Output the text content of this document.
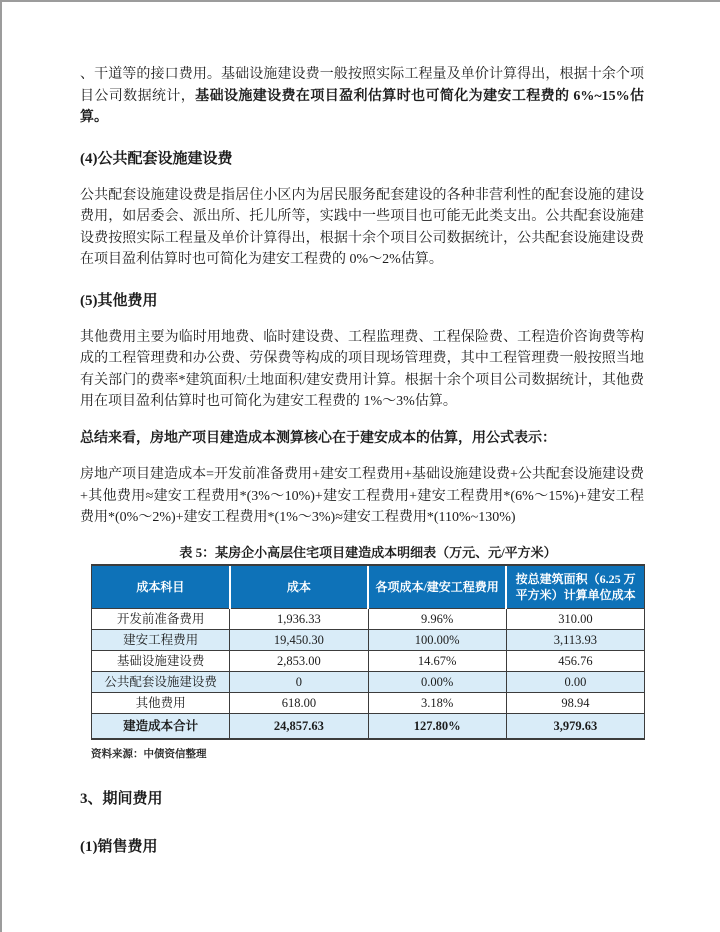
、干道等的接口费用。基础设施建设费一般按照实际工程量及单价计算得出，根据十余个项目公司数据统计，基础设施建设费在项目盈利估算时也可简化为建安工程费的 6%~15%估算。

(4)公共配套设施建设费

公共配套设施建设费是指居住小区内为居民服务配套建设的各种非营利性的配套设施的建设费用，如居委会、派出所、托儿所等，实践中一些项目也可能无此类支出。公共配套设施建设费按照实际工程量及单价计算得出，根据十余个项目公司数据统计，公共配套设施建设费在项目盈利估算时也可简化为建安工程费的 0%～2%估算。

(5)其他费用

其他费用主要为临时用地费、临时建设费、工程监理费、工程保险费、工程造价咨询费等构成的工程管理费和办公费、劳保费等构成的项目现场管理费，其中工程管理费一般按照当地有关部门的费率*建筑面积/土地面积/建安费用计算。根据十余个项目公司数据统计，其他费用在项目盈利估算时也可简化为建安工程费的 1%～3%估算。

总结来看，房地产项目建造成本测算核心在于建安成本的估算，用公式表示：

房地产项目建造成本=开发前准备费用+建安工程费用+基础设施建设费+公共配套设施建设费+其他费用≈建安工程费用*(3%～10%)+建安工程费用+建安工程费用*(6%～15%)+建安工程费用*(0%～2%)+建安工程费用*(1%～3%)≈建安工程费用*(110%~130%)

表 5：某房企小高层住宅项目建造成本明细表（万元、元/平方米）
成本科目	成本	各项成本/建安工程费用	按总建筑面积（6.25 万平方米）计算单位成本
开发前准备费用	1,936.33	9.96%	310.00
建安工程费用	19,450.30	100.00%	3,113.93
基础设施建设费	2,853.00	14.67%	456.76
公共配套设施建设费	0	0.00%	0.00
其他费用	618.00	3.18%	98.94
建造成本合计	24,857.63	127.80%	3,979.63
资料来源：中债资信整理
3、期间费用
(1)销售费用
